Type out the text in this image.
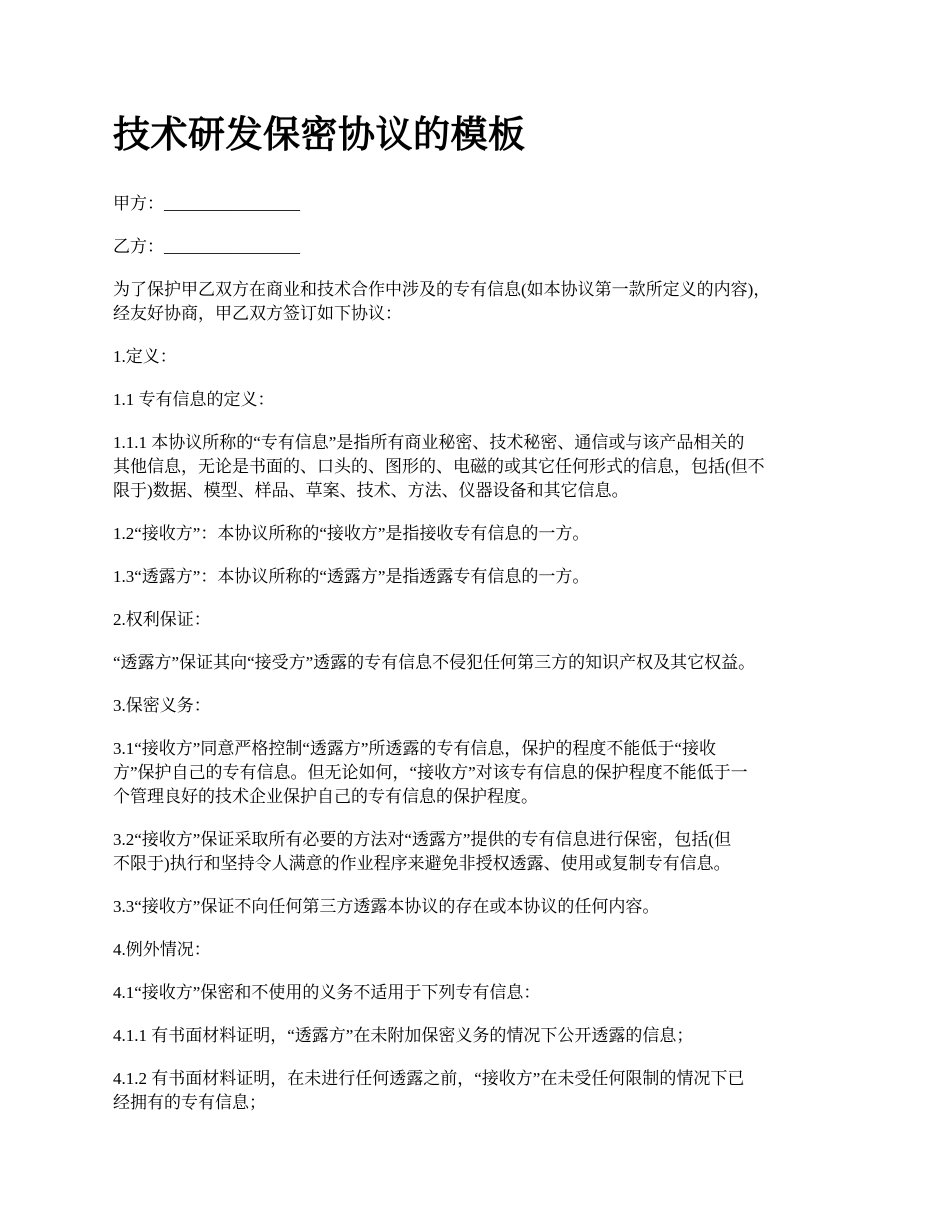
技术研发保密协议的模板

甲方：________________

乙方：________________

为了保护甲乙双方在商业和技术合作中涉及的专有信息(如本协议第一款所定义的内容)，
经友好协商，甲乙双方签订如下协议：

1.定义：

1.1 专有信息的定义：

1.1.1 本协议所称的“专有信息”是指所有商业秘密、技术秘密、通信或与该产品相关的
其他信息，无论是书面的、口头的、图形的、电磁的或其它任何形式的信息，包括(但不
限于)数据、模型、样品、草案、技术、方法、仪器设备和其它信息。

1.2“接收方”：本协议所称的“接收方”是指接收专有信息的一方。

1.3“透露方”：本协议所称的“透露方”是指透露专有信息的一方。

2.权利保证：

“透露方”保证其向“接受方”透露的专有信息不侵犯任何第三方的知识产权及其它权益。

3.保密义务：

3.1“接收方”同意严格控制“透露方”所透露的专有信息，保护的程度不能低于“接收
方”保护自己的专有信息。但无论如何，“接收方”对该专有信息的保护程度不能低于一
个管理良好的技术企业保护自己的专有信息的保护程度。

3.2“接收方”保证采取所有必要的方法对“透露方”提供的专有信息进行保密，包括(但
不限于)执行和坚持令人满意的作业程序来避免非授权透露、使用或复制专有信息。

3.3“接收方”保证不向任何第三方透露本协议的存在或本协议的任何内容。

4.例外情况：

4.1“接收方”保密和不使用的义务不适用于下列专有信息：

4.1.1 有书面材料证明，“透露方”在未附加保密义务的情况下公开透露的信息；

4.1.2 有书面材料证明，在未进行任何透露之前，“接收方”在未受任何限制的情况下已
经拥有的专有信息；
